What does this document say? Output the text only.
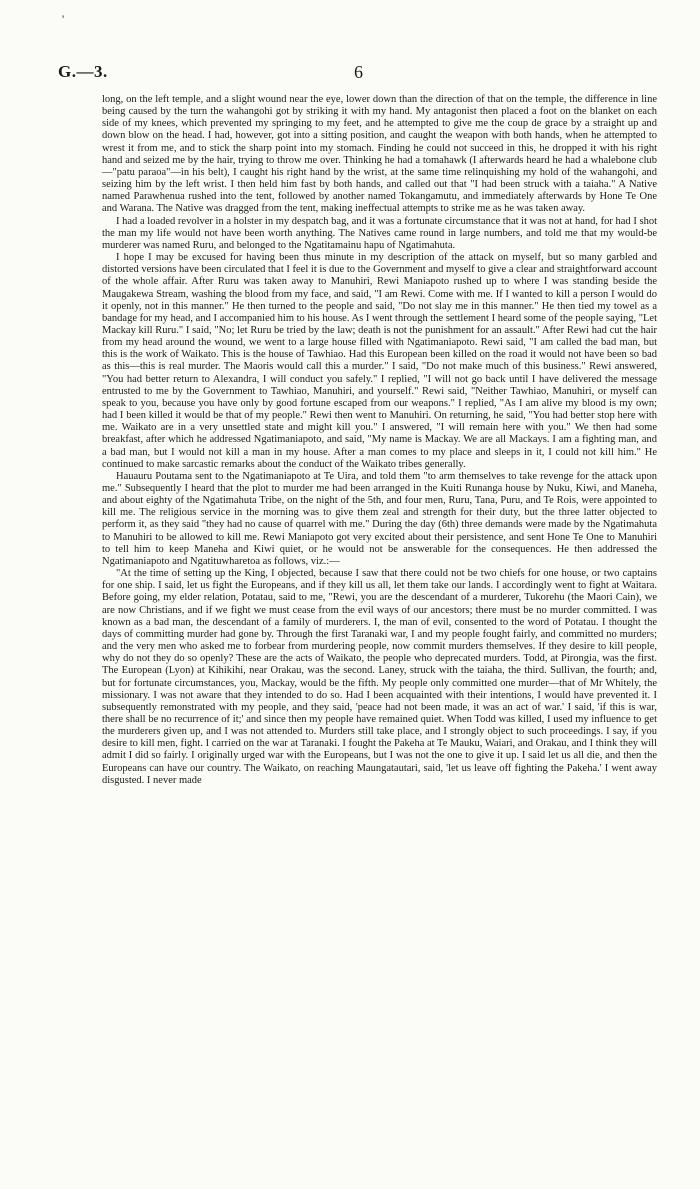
'
G.—3.	6

long, on the left temple, and a slight wound near the eye, lower down than the direction of that on the temple, the difference in line being caused by the turn the wahangohi got by striking it with my hand. My antagonist then placed a foot on the blanket on each side of my knees, which prevented my springing to my feet, and he attempted to give me the coup de grace by a straight up and down blow on the head. I had, however, got into a sitting position, and caught the weapon with both hands, when he attempted to wrest it from me, and to stick the sharp point into my stomach. Finding he could not succeed in this, he dropped it with his right hand and seized me by the hair, trying to throw me over. Thinking he had a tomahawk (I afterwards heard he had a whalebone club—"patu paraoa"—in his belt), I caught his right hand by the wrist, at the same time relinquishing my hold of the wahangohi, and seizing him by the left wrist. I then held him fast by both hands, and called out that "I had been struck with a taiaha." A Native named Parawhenua rushed into the tent, followed by another named Tokangamutu, and immediately afterwards by Hone Te One and Warana. The Native was dragged from the tent, making ineffectual attempts to strike me as he was taken away.

I had a loaded revolver in a holster in my despatch bag, and it was a fortunate circumstance that it was not at hand, for had I shot the man my life would not have been worth anything. The Natives came round in large numbers, and told me that my would-be murderer was named Ruru, and belonged to the Ngatitamainu hapu of Ngatimahuta.

I hope I may be excused for having been thus minute in my description of the attack on myself, but so many garbled and distorted versions have been circulated that I feel it is due to the Government and myself to give a clear and straightforward account of the whole affair. After Ruru was taken away to Manuhiri, Rewi Maniapoto rushed up to where I was standing beside the Maugakewa Stream, washing the blood from my face, and said, "I am Rewi. Come with me. If I wanted to kill a person I would do it openly, not in this manner." He then turned to the people and said, "Do not slay me in this manner." He then tied my towel as a bandage for my head, and I accompanied him to his house. As I went through the settlement I heard some of the people saying, "Let Mackay kill Ruru." I said, "No; let Ruru be tried by the law; death is not the punishment for an assault." After Rewi had cut the hair from my head around the wound, we went to a large house filled with Ngatimaniapoto. Rewi said, "I am called the bad man, but this is the work of Waikato. This is the house of Tawhiao. Had this European been killed on the road it would not have been so bad as this—this is real murder. The Maoris would call this a murder." I said, "Do not make much of this business." Rewi answered, "You had better return to Alexandra, I will conduct you safely." I replied, "I will not go back until I have delivered the message entrusted to me by the Government to Tawhiao, Manuhiri, and yourself." Rewi said, "Neither Tawhiao, Manuhiri, or myself can speak to you, because you have only by good fortune escaped from our weapons." I replied, "As I am alive my blood is my own; had I been killed it would be that of my people." Rewi then went to Manuhiri. On returning, he said, "You had better stop here with me. Waikato are in a very unsettled state and might kill you." I answered, "I will remain here with you." We then had some breakfast, after which he addressed Ngatimaniapoto, and said, "My name is Mackay. We are all Mackays. I am a fighting man, and a bad man, but I would not kill a man in my house. After a man comes to my place and sleeps in it, I could not kill him." He continued to make sarcastic remarks about the conduct of the Waikato tribes generally.

Hauauru Poutama sent to the Ngatimaniapoto at Te Uira, and told them "to arm themselves to take revenge for the attack upon me." Subsequently I heard that the plot to murder me had been arranged in the Kuiti Runanga house by Nuku, Kiwi, and Maneha, and about eighty of the Ngatimahuta Tribe, on the night of the 5th, and four men, Ruru, Tana, Puru, and Te Rois, were appointed to kill me. The religious service in the morning was to give them zeal and strength for their duty, but the three latter objected to perform it, as they said "they had no cause of quarrel with me." During the day (6th) three demands were made by the Ngatimahuta to Manuhiri to be allowed to kill me. Rewi Maniapoto got very excited about their persistence, and sent Hone Te One to Manuhiri to tell him to keep Maneha and Kiwi quiet, or he would not be answerable for the consequences. He then addressed the Ngatimaniapoto and Ngatituwharetoa as follows, viz.:—

"At the time of setting up the King, I objected, because I saw that there could not be two chiefs for one house, or two captains for one ship. I said, let us fight the Europeans, and if they kill us all, let them take our lands. I accordingly went to fight at Waitara. Before going, my elder relation, Potatau, said to me, "Rewi, you are the descendant of a murderer, Tukorehu (the Maori Cain), we are now Christians, and if we fight we must cease from the evil ways of our ancestors; there must be no murder committed. I was known as a bad man, the descendant of a family of murderers. I, the man of evil, consented to the word of Potatau. I thought the days of committing murder had gone by. Through the first Taranaki war, I and my people fought fairly, and committed no murders; and the very men who asked me to forbear from murdering people, now commit murders themselves. If they desire to kill people, why do not they do so openly? These are the acts of Waikato, the people who deprecated murders. Todd, at Pirongia, was the first. The European (Lyon) at Kihikihi, near Orakau, was the second. Laney, struck with the taiaha, the third. Sullivan, the fourth; and, but for fortunate circumstances, you, Mackay, would be the fifth. My people only committed one murder—that of Mr Whitely, the missionary. I was not aware that they intended to do so. Had I been acquainted with their intentions, I would have prevented it. I subsequently remonstrated with my people, and they said, 'peace had not been made, it was an act of war.' I said, 'if this is war, there shall be no recurrence of it;' and since then my people have remained quiet. When Todd was killed, I used my influence to get the murderers given up, and I was not attended to. Murders still take place, and I strongly object to such proceedings. I say, if you desire to kill men, fight. I carried on the war at Taranaki. I fought the Pakeha at Te Mauku, Waiari, and Orakau, and I think they will admit I did so fairly. I originally urged war with the Europeans, but I was not the one to give it up. I said let us all die, and then the Europeans can have our country. The Waikato, on reaching Maungatautari, said, 'let us leave off fighting the Pakeha.' I went away disgusted. I never made
